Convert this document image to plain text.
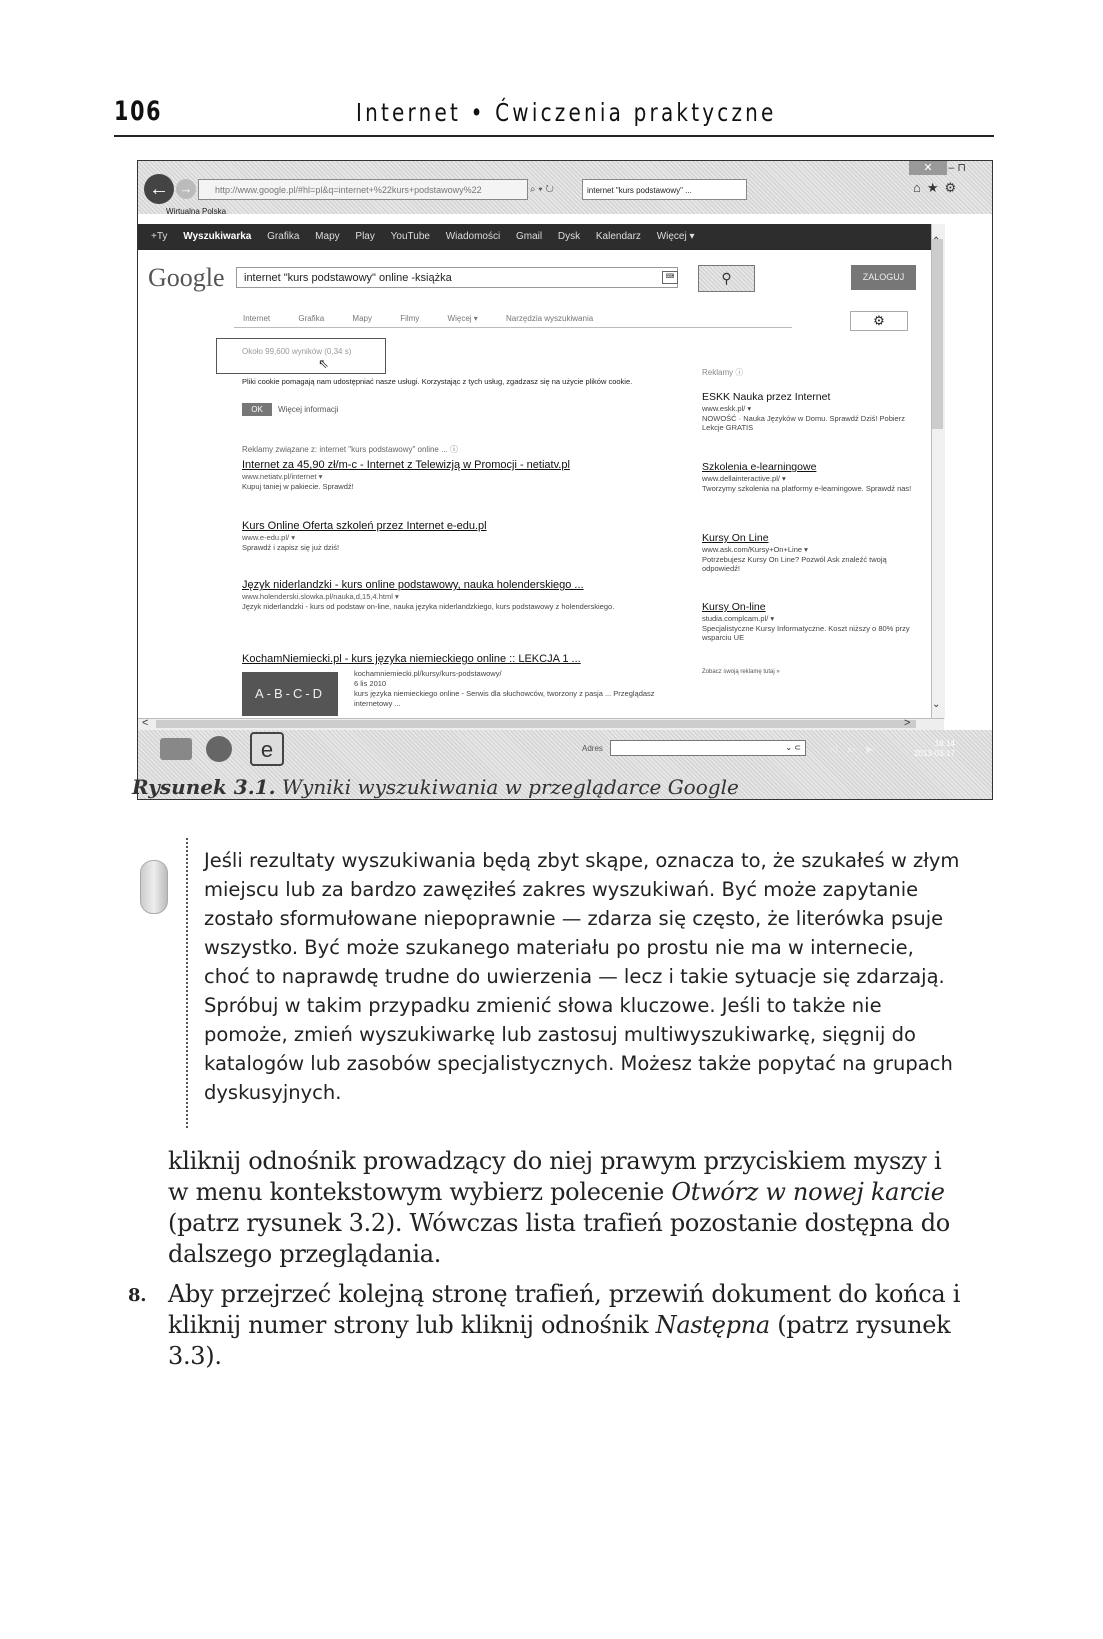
106	Internet • Ćwiczenia praktyczne
← →	http://www.google.pl/#hl=pl&q=internet+%22kurs+podstawowy%22	⌕ ▾ ↻	internet "kurs podstawowy" ...
– ⊓
✕
⌂★⚙
Wirtualna Polska
+Ty Wyszukiwarka Grafika Mapy Play YouTube Wiadomości Gmail Dysk Kalendarz Więcej ▾
Google	internet "kurs podstawowy" online -książka	⌨	⚲	ZALOGUJ
Internet	Grafika	Mapy	Filmy	Więcej ▾	Narzędzia wyszukiwania	⚙
Około 99,600 wyników (0,34 s)
⇖
Pliki cookie pomagają nam udostępniać nasze usługi. Korzystając z tych usług, zgadzasz się na użycie plików cookie.
OK	Więcej informacji
Reklamy związane z: internet "kurs podstawowy" online ... ⓘ
Internet za 45,90 zł/m-c - Internet z Telewizją w Promocji - netiatv.pl
www.netiatv.pl/internet ▾
Kupuj taniej w pakiecie. Sprawdź!
Kurs Online Oferta szkoleń przez Internet e-edu.pl
www.e-edu.pl/ ▾
Sprawdź i zapisz się już dziś!
Język niderlandzki - kurs online podstawowy, nauka holenderskiego ...
www.holenderski.slowka.pl/nauka,d,15,4.html ▾
Język niderlandzki - kurs od podstaw on-line, nauka języka niderlandzkiego, kurs podstawowy z holenderskiego.
KochamNiemiecki.pl - kurs języka niemieckiego online :: LEKCJA 1 ...
A-B-C-D
kochamniemiecki.pl/kursy/kurs-podstawowy/
6 lis 2010
kurs języka niemieckiego online - Serwis dla słuchowców, tworzony z pasja ... Przeglądasz internetowy ...
Reklamy ⓘ
ESKK Nauka przez Internet
www.eskk.pl/ ▾
NOWOŚĆ · Nauka Języków w Domu. Sprawdź Dziś! Pobierz Lekcje GRATIS
Szkolenia e-learningowe
www.dellainteractive.pl/ ▾
Tworzymy szkolenia na platformy e-learningowe. Sprawdź nas!
Kursy On Line
www.ask.com/Kursy+On+Line ▾
Potrzebujesz Kursy On Line? Pozwól Ask znaleźć twoją odpowiedź!
Kursy On-line
studia.complcam.pl/ ▾
Specjalistyczne Kursy Informatyczne. Koszt niższy o 80% przy wsparciu UE
Zobacz swoją reklamę tutaj »
⌃
⌄
<	>
e	Adres	⌄ ⊂	◁ ▭ ▶
16:14
2013-03-17
Rysunek 3.1. Wyniki wyszukiwania w przeglądarce Google
Jeśli rezultaty wyszukiwania będą zbyt skąpe, oznacza to, że szukałeś w złym miejscu lub za bardzo zawęziłeś zakres wyszukiwań. Być może zapytanie zostało sformułowane niepoprawnie — zdarza się często, że literówka psuje wszystko. Być może szukanego materiału po prostu nie ma w internecie, choć to naprawdę trudne do uwierzenia — lecz i takie sytuacje się zdarzają. Spróbuj w takim przypadku zmienić słowa kluczowe. Jeśli to także nie pomoże, zmień wyszukiwarkę lub zastosuj multiwyszukiwarkę, sięgnij do katalogów lub zasobów specjalistycznych. Możesz także popytać na grupach dyskusyjnych.

kliknij odnośnik prowadzący do niej prawym przyciskiem myszy i w menu kontekstowym wybierz polecenie Otwórz w nowej karcie (patrz rysunek 3.2). Wówczas lista trafień pozostanie dostępna do dalszego przeglądania.

8. Aby przejrzeć kolejną stronę trafień, przewiń dokument do końca i kliknij numer strony lub kliknij odnośnik Następna (patrz rysunek 3.3).
